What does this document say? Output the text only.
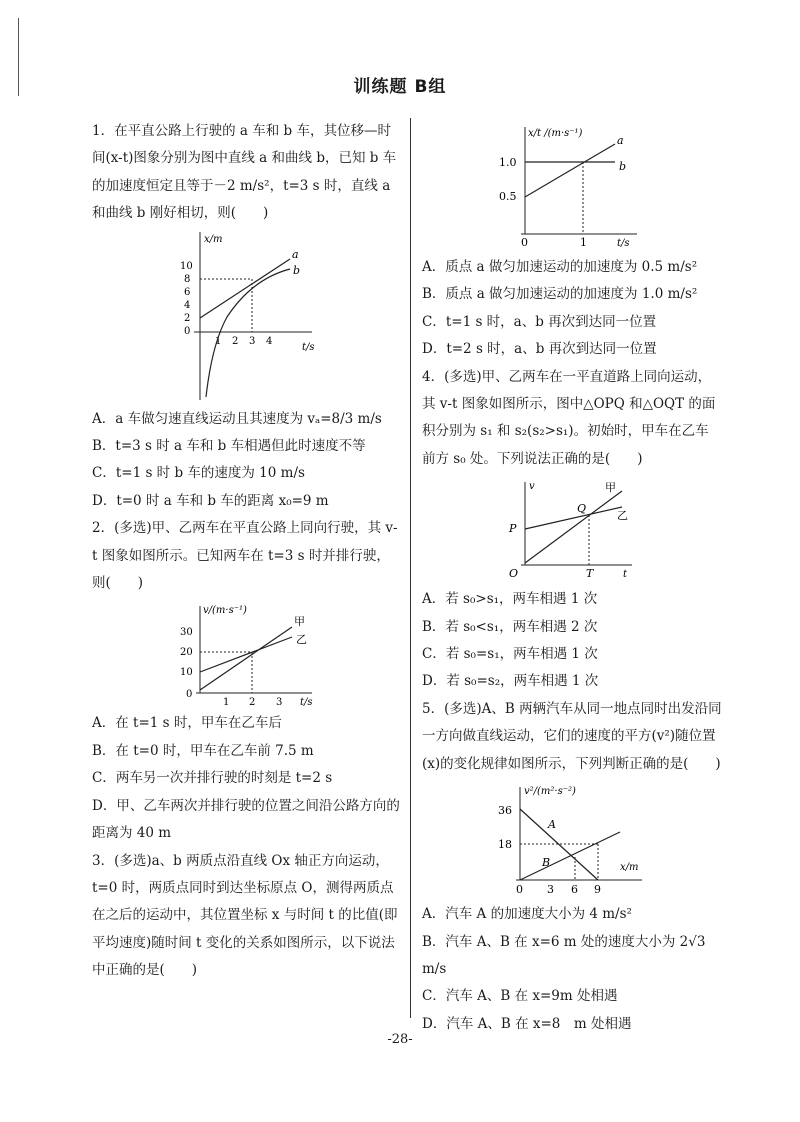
训练题 B组

1．在平直公路上行驶的 a 车和 b 车，其位移—时间(x-t)图象分别为图中直线 a 和曲线 b，已知 b 车的加速度恒定且等于－2 m/s²，t=3 s 时，直线 a 和曲线 b 刚好相切，则(　　)

x/m
t/s
10
8
6
4
2
0
1 2 3 4
a
b

A．a 车做匀速直线运动且其速度为 vₐ=8/3 m/s

B．t=3 s 时 a 车和 b 车相遇但此时速度不等

C．t=1 s 时 b 车的速度为 10 m/s

D．t=0 时 a 车和 b 车的距离 x₀=9 m

2．(多选)甲、乙两车在平直公路上同向行驶，其 v-t 图象如图所示。已知两车在 t=3 s 时并排行驶，则(　　)

v/(m·s⁻¹)
t/s
30
20
10
0
1 2 3
甲
乙

A．在 t=1 s 时，甲车在乙车后

B．在 t=0 时，甲车在乙车前 7.5 m

C．两车另一次并排行驶的时刻是 t=2 s

D．甲、乙车两次并排行驶的位置之间沿公路方向的距离为 40 m

3．(多选)a、b 两质点沿直线 Ox 轴正方向运动，t=0 时，两质点同时到达坐标原点 O，测得两质点在之后的运动中，其位置坐标 x 与时间 t 的比值(即平均速度)随时间 t 变化的关系如图所示，以下说法中正确的是(　　)

x/t /(m·s⁻¹)
t/s
1.0
0.5
0	1
a
b

A．质点 a 做匀加速运动的加速度为 0.5 m/s²

B．质点 a 做匀加速运动的加速度为 1.0 m/s²

C．t=1 s 时，a、b 再次到达同一位置

D．t=2 s 时，a、b 再次到达同一位置

4．(多选)甲、乙两车在一平直道路上同向运动，其 v-t 图象如图所示，图中△OPQ 和△OQT 的面积分别为 s₁ 和 s₂(s₂>s₁)。初始时，甲车在乙车前方 s₀ 处。下列说法正确的是(　　)

v
t
O
P
Q
T
甲
乙

A．若 s₀>s₁，两车相遇 1 次

B．若 s₀<s₁，两车相遇 2 次

C．若 s₀=s₁，两车相遇 1 次

D．若 s₀=s₂，两车相遇 1 次

5．(多选)A、B 两辆汽车从同一地点同时出发沿同一方向做直线运动，它们的速度的平方(v²)随位置(x)的变化规律如图所示，下列判断正确的是(　　)

v²/(m²·s⁻²)
x/m
36
18
0 3 6 9
A
B

A．汽车 A 的加速度大小为 4 m/s²

B．汽车 A、B 在 x=6 m 处的速度大小为 2√3 m/s

C．汽车 A、B 在 x=9m 处相遇

D．汽车 A、B 在 x=8　m 处相遇

-28-
